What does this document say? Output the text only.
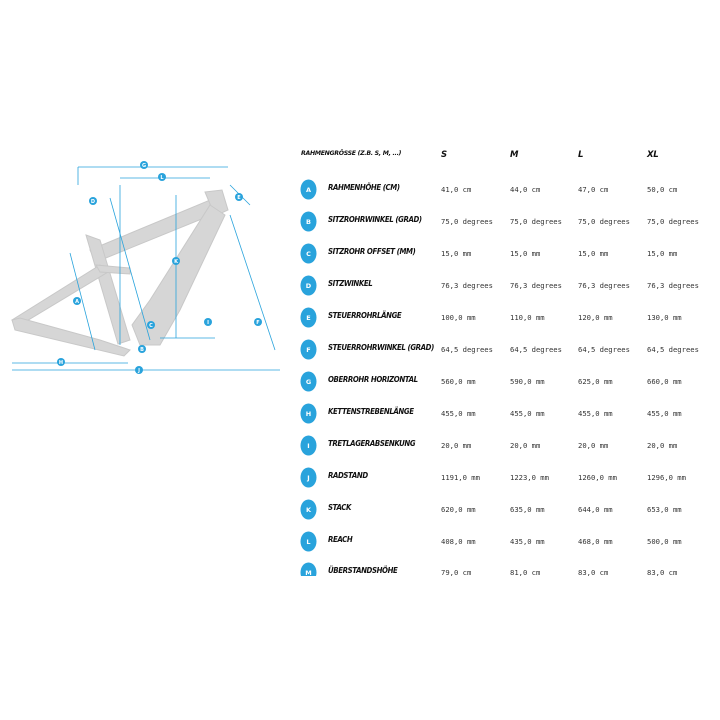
G
L
E
D
K
A
C	I	F
B
H
J
RAHMENGRÖSSE (Z.B. S, M, ...)	S	M	L	XL
A RAHMENHÖHE (CM)	41,0 cm	44,0 cm	47,0 cm	50,0 cm
B SITZROHRWINKEL (GRAD)	75,0 degrees 75,0 degrees 75,0 degrees 75,0 degrees
C SITZROHR OFFSET (MM)	15,0 mm	15,0 mm	15,0 mm	15,0 mm
D SITZWINKEL	76,3 degrees 76,3 degrees 76,3 degrees 76,3 degrees
E STEUERROHRLÄNGE	100,0 mm	110,0 mm	120,0 mm	130,0 mm
F STEUERROHRWINKEL (GRAD) 64,5 degrees 64,5 degrees 64,5 degrees 64,5 degrees
G OBERROHR HORIZONTAL	560,0 mm	590,0 mm	625,0 mm	660,0 mm
H KETTENSTREBENLÄNGE	455,0 mm	455,0 mm	455,0 mm	455,0 mm
I	TRETLAGERABSENKUNG	20,0 mm	20,0 mm	20,0 mm	20,0 mm
J	RADSTAND	1191,0 mm	1223,0 mm	1260,0 mm	1296,0 mm
K STACK	620,0 mm	635,0 mm	644,0 mm	653,0 mm
L REACH	408,0 mm	435,0 mm	468,0 mm	500,0 mm
M ÜBERSTANDSHÖHE	79,0 cm	81,0 cm	83,0 cm	83,0 cm
